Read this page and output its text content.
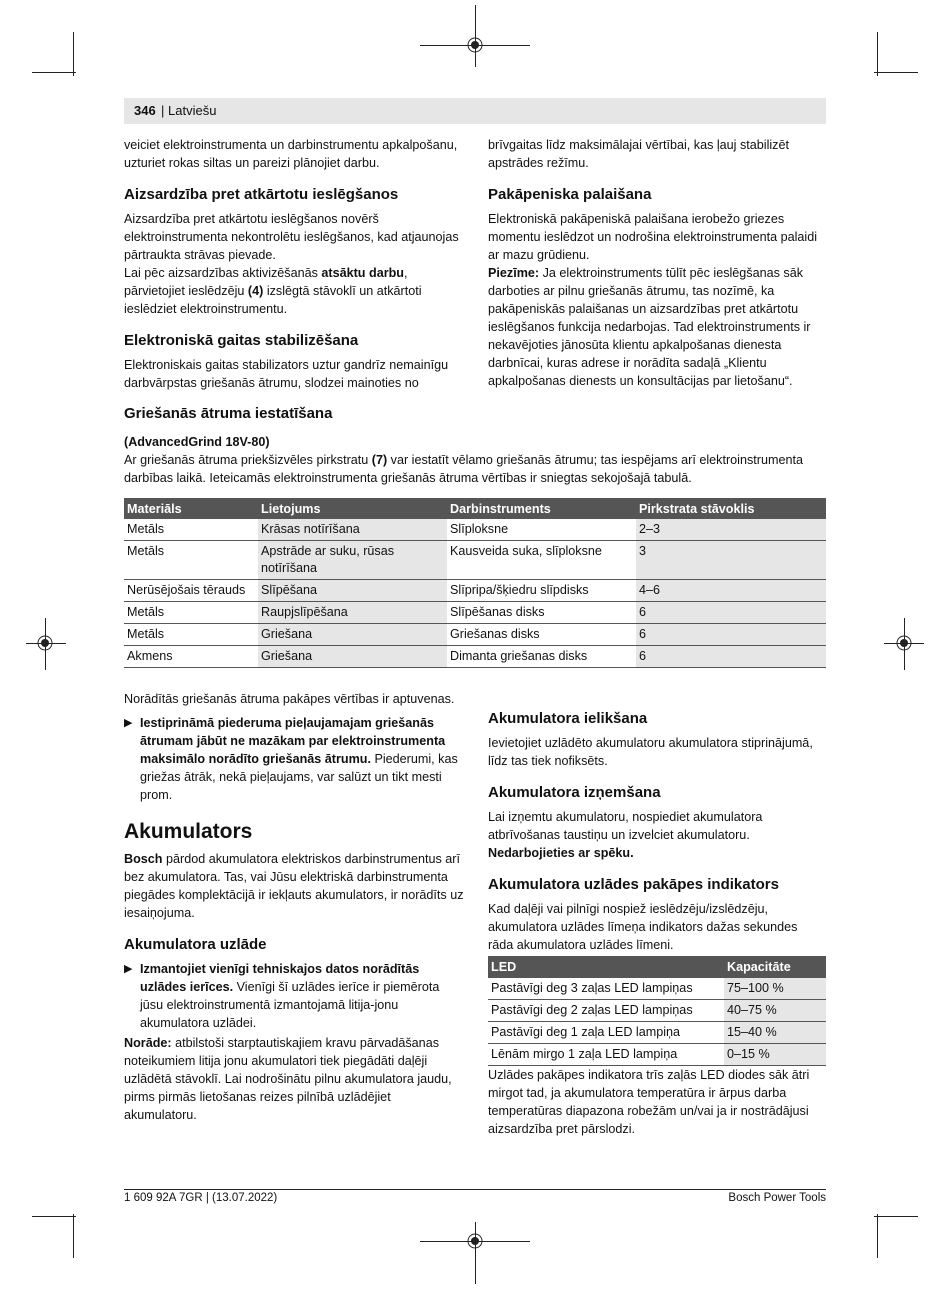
346 | Latviešu

veiciet elektroinstrumenta un darbinstrumentu apkalpošanu, uzturiet rokas siltas un pareizi plānojiet darbu.

Aizsardzība pret atkārtotu ieslēgšanos

Aizsardzība pret atkārtotu ieslēgšanos novērš elektroinstrumenta nekontrolētu ieslēgšanos, kad atjaunojas pārtraukta strāvas pievade.

Lai pēc aizsardzības aktivizēšanās atsāktu darbu, pārvietojiet ieslēdzēju (4) izslēgtā stāvoklī un atkārtoti ieslēdziet elektroinstrumentu.

Elektroniskā gaitas stabilizēšana

Elektroniskais gaitas stabilizators uztur gandrīz nemainīgu darbvārpstas griešanās ātrumu, slodzei mainoties no

brīvgaitas līdz maksimālajai vērtībai, kas ļauj stabilizēt apstrādes režīmu.

Pakāpeniska palaišana

Elektroniskā pakāpeniskā palaišana ierobežo griezes momentu ieslēdzot un nodrošina elektroinstrumenta palaidi ar mazu grūdienu.

Piezīme: Ja elektroinstruments tūlīt pēc ieslēgšanas sāk darboties ar pilnu griešanās ātrumu, tas nozīmē, ka pakāpeniskās palaišanas un aizsardzības pret atkārtotu ieslēgšanos funkcija nedarbojas. Tad elektroinstruments ir nekavējoties jānosūta klientu apkalpošanas dienesta darbnīcai, kuras adrese ir norādīta sadaļā „Klientu apkalpošanas dienests un konsultācijas par lietošanu“.

Griešanās ātruma iestatīšana
(AdvancedGrind 18V-80)
Ar griešanās ātruma priekšizvēles pirkstratu (7) var iestatīt vēlamo griešanās ātrumu; tas iespējams arī elektroinstrumenta darbības laikā. Ieteicamās elektroinstrumenta griešanās ātruma vērtības ir sniegtas sekojošajā tabulā.
Materiāls	Lietojums	Darbinstruments	Pirkstrata stāvoklis
Metāls	Krāsas notīrīšana	Slīploksne	2–3
Metāls	Apstrāde ar suku, rūsas notīrīšana	Kausveida suka, slīploksne	3
Nerūsējošais tērauds	Slīpēšana	Slīpripa/šķiedru slīpdisks	4–6
Metāls	Raupjslīpēšana	Slīpēšanas disks	6
Metāls	Griešana	Griešanas disks	6
Akmens	Griešana	Dimanta griešanas disks	6

Norādītās griešanās ātruma pakāpes vērtības ir aptuvenas.

▶ Iestiprināmā piederuma pieļaujamajam griešanās ātrumam jābūt ne mazākam par elektroinstrumenta maksimālo norādīto griešanās ātrumu. Piederumi, kas griežas ātrāk, nekā pieļaujams, var salūzt un tikt mesti prom.
Akumulators

Bosch pārdod akumulatora elektriskos darbinstrumentus arī bez akumulatora. Tas, vai Jūsu elektriskā darbinstrumenta piegādes komplektācijā ir iekļauts akumulators, ir norādīts uz iesaiņojuma.

Akumulatora uzlāde
▶ Izmantojiet vienīgi tehniskajos datos norādītās uzlādes ierīces. Vienīgi šī uzlādes ierīce ir piemērota jūsu elektroinstrumentā izmantojamā litija-jonu akumulatora uzlādei.

Norāde: atbilstoši starptautiskajiem kravu pārvadāšanas noteikumiem litija jonu akumulatori tiek piegādāti daļēji uzlādētā stāvoklī. Lai nodrošinātu pilnu akumulatora jaudu, pirms pirmās lietošanas reizes pilnībā uzlādējiet akumulatoru.

Akumulatora ielikšana

Ievietojiet uzlādēto akumulatoru akumulatora stiprinājumā, līdz tas tiek nofiksēts.

Akumulatora izņemšana

Lai izņemtu akumulatoru, nospiediet akumulatora atbrīvošanas taustiņu un izvelciet akumulatoru.

Nedarbojieties ar spēku.

Akumulatora uzlādes pakāpes indikators

Kad daļēji vai pilnīgi nospiež ieslēdzēju/izslēdzēju, akumulatora uzlādes līmeņa indikators dažas sekundes rāda akumulatora uzlādes līmeni.

LED	Kapacitāte
Pastāvīgi deg 3 zaļas LED lampiņas	75–100 %
Pastāvīgi deg 2 zaļas LED lampiņas	40–75 %
Pastāvīgi deg 1 zaļa LED lampiņa	15–40 %
Lēnām mirgo 1 zaļa LED lampiņa	0–15 %

Uzlādes pakāpes indikatora trīs zaļās LED diodes sāk ātri mirgot tad, ja akumulatora temperatūra ir ārpus darba temperatūras diapazona robežām un/vai ja ir nostrādājusi aizsardzība pret pārslodzi.

1 609 92A 7GR | (13.07.2022)	Bosch Power Tools
